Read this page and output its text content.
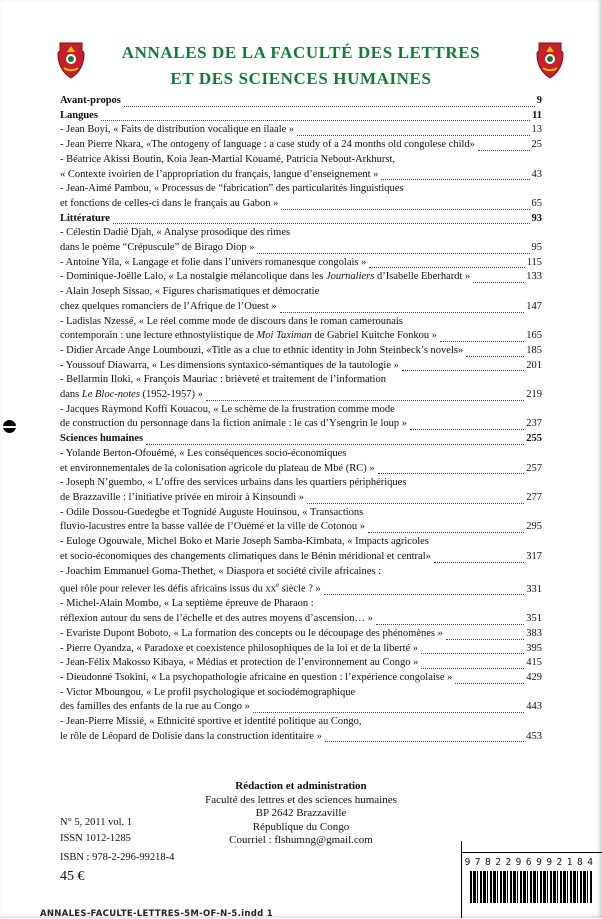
ANNALES DE LA FACULTÉ DES LETTRES
ET DES SCIENCES HUMAINES
Avant-propos	9
Langues	11
- Jean Boyi, « Faits de distribution vocalique en ilaale »	13
- Jean Pierre Nkara, «The ontogeny of language : a case study of a 24 months old congolese child»	25
- Béatrice Akissi Boutin, Koia Jean-Martial Kouamé, Patricia Nebout-Arkhurst,
« Contexte ivoirien de l’appropriation du français, langue d’enseignement »	43
- Jean-Aimé Pambou, « Processus de “fabrication” des particularités linguistiques
et fonctions de celles-ci dans le français au Gabon »	65
Littérature	93
- Célestin Dadié Djah, « Analyse prosodique des rimes
dans le poème “Crépuscule” de Birago Diop »	95
- Antoine Yila, « Langage et folie dans l’univers romanesque congolais »	115
- Dominique-Joëlle Lalo, « La nostalgie mélancolique dans les Journaliers d’Isabelle Eberhardt »	133
- Alain Joseph Sissao, « Figures charismatiques et démocratie
chez quelques romanciers de l’Afrique de l’Ouest »	147
- Ladislas Nzessé, « Le réel comme mode de discours dans le roman camerounais
contemporain : une lecture ethnostylistique de Moi Taximan de Gabriel Kuitche Fonkou »	165
- Didier Arcade Ange Loumbouzi, «Title as a clue to ethnic identity in John Steinbeck’s novels»	185
- Youssouf Diawarra, « Les dimensions syntaxico-sémantiques de la tautologie »	201
- Bellarmin Iloki, « François Mauriac : brièveté et traitement de l’information
dans Le Bloc-notes (1952-1957) »	219
- Jacques Raymond Koffi Kouacou, « Le schème de la frustration comme mode
de construction du personnage dans la fiction animale : le cas d’Ysengrin le loup »	237
Sciences humaines	255
- Yolande Berton-Ofouémé, « Les conséquences socio-économiques
et environnementales de la colonisation agricole du plateau de Mbé (RC) »	257
- Joseph N’guembo, « L’offre des services urbains dans les quartiers périphériques
de Brazzaville : l’initiative privée en miroir à Kinsoundi »	277
- Odile Dossou-Guedegbe et Tognidé Auguste Houinsou, « Transactions
fluvio-lacustres entre la basse vallée de l’Ouémé et la ville de Cotonou »	295
- Euloge Ogouwale, Michel Boko et Marie Joseph Samba-Kimbata, « Impacts agricoles
et socio-économiques des changements climatiques dans le Bénin méridional et central»	317
- Joachim Emmanuel Goma-Thethet, « Diaspora et société civile africaines :
quel rôle pour relever les défis africains issus du $xx^e$ siècle ? »	331
- Michel-Alain Mombo, « La septième épreuve de Pharaon :
réflexion autour du sens de l’échelle et des autres moyens d’ascension… »	351
- Evariste Dupont Boboto, « La formation des concepts ou le découpage des phénomènes »	383
- Pierre Oyandza, « Paradoxe et coexistence philosophiques de la loi et de la liberté »	395
- Jean-Félix Makosso Kibaya, « Médias et protection de l’environnement au Congo »	415
- Dieudonné Tsokini, « La psychopathologie africaine en question : l’expérience congolaise »	429
- Victor Mboungou, « Le profil psychologique et sociodémographique
des familles des enfants de la rue au Congo »	443
- Jean-Pierre Missié, « Ethnicité sportive et identité politique au Congo,
le rôle de Léopard de Dolisie dans la construction identitaire »	453
Rédaction et administration
Faculté des lettres et des sciences humaines
BP 2642 Brazzaville
République du Congo
Courriel : flshumng@gmail.com
N° 5, 2011 vol. 1
ISSN 1012-1285
ISBN : 978-2-296-99218-4
45 €
9782296992184
ANNALES-FACULTE-LETTRES-5M-OF-N-5.indd 1
